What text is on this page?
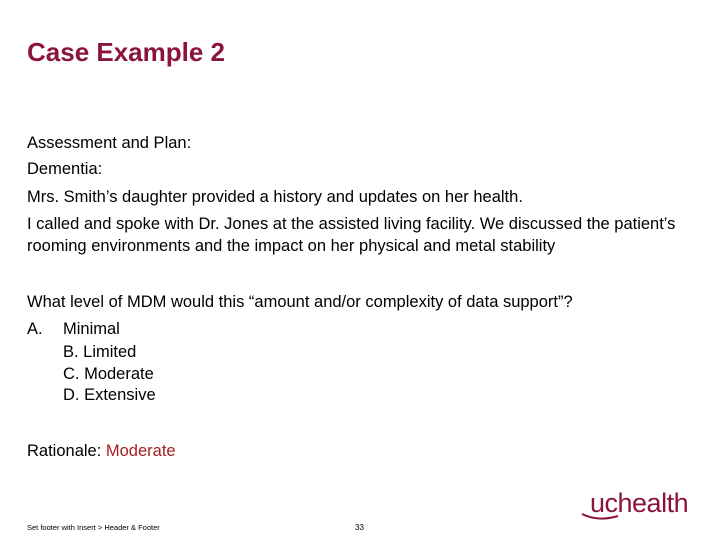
Case Example 2
Assessment and Plan:
Dementia:
Mrs. Smith’s daughter provided a history and updates on her health.
I called and spoke with Dr. Jones at the assisted living facility. We discussed the patient’s rooming environments and the impact on her physical and metal stability
What level of MDM would this “amount and/or complexity of data support”?
A. Minimal
B. Limited
C. Moderate
D. Extensive
Rationale: Moderate
Set footer with Insert > Header & Footer	33
uchealth
